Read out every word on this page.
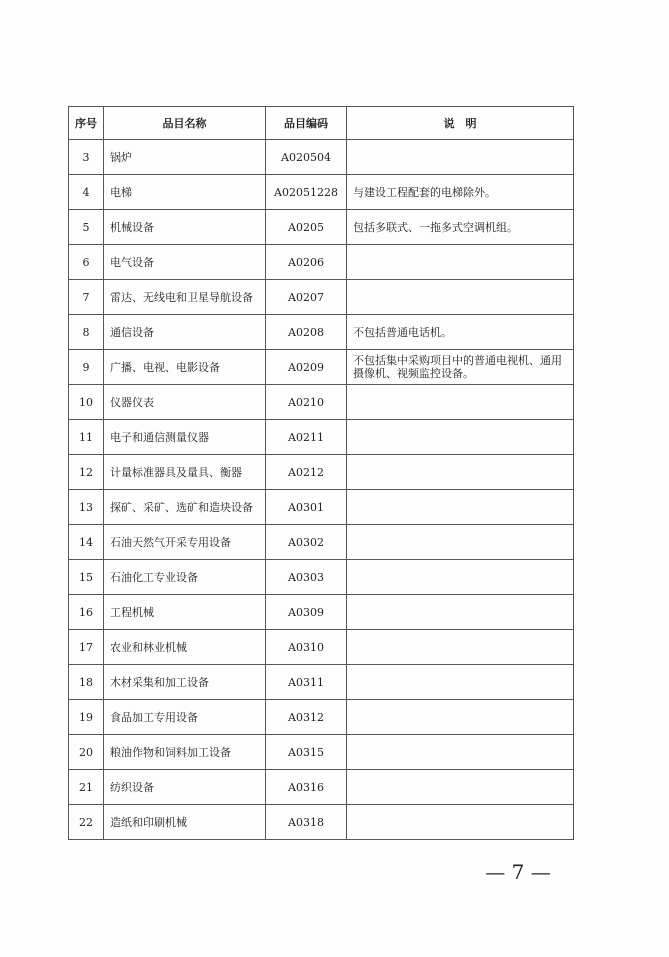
序号	品目名称	品目编码	说　明
3	锅炉	A020504	
4	电梯	A02051228	与建设工程配套的电梯除外。
5	机械设备	A0205	包括多联式、一拖多式空调机组。
6	电气设备	A0206	
7	雷达、无线电和卫星导航设备	A0207	
8	通信设备	A0208	不包括普通电话机。
9	广播、电视、电影设备	A0209	不包括集中采购项目中的普通电视机、通用摄像机、视频监控设备。
10	仪器仪表	A0210	
11	电子和通信测量仪器	A0211	
12	计量标准器具及量具、衡器	A0212	
13	探矿、采矿、选矿和造块设备	A0301	
14	石油天然气开采专用设备	A0302	
15	石油化工专业设备	A0303	
16	工程机械	A0309	
17	农业和林业机械	A0310	
18	木材采集和加工设备	A0311	
19	食品加工专用设备	A0312	
20	粮油作物和饲料加工设备	A0315	
21	纺织设备	A0316	
22	造纸和印刷机械	A0318	
— 7 —
